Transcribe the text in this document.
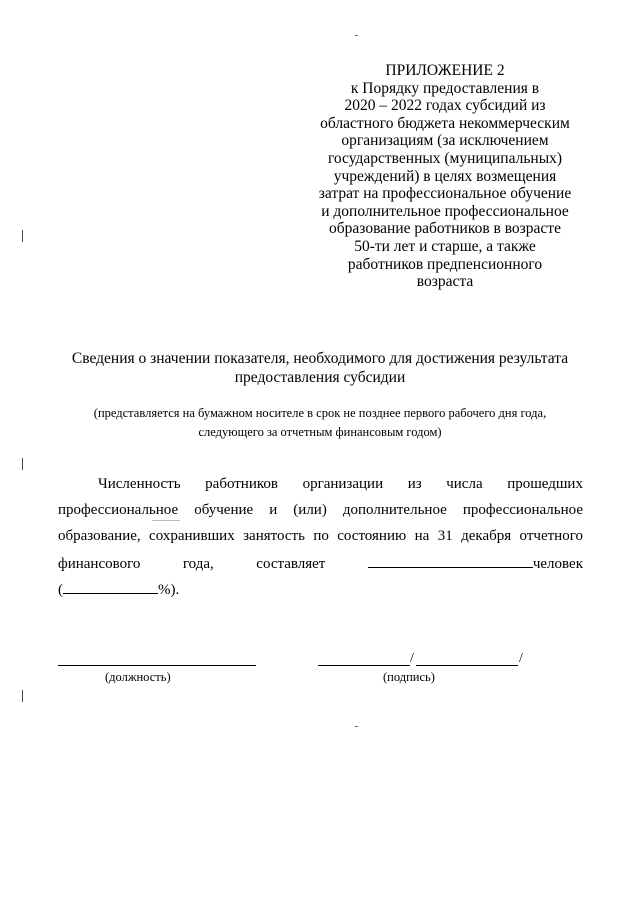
ПРИЛОЖЕНИЕ 2
к Порядку предоставления в
2020 – 2022 годах субсидий из
областного бюджета некоммерческим
организациям (за исключением
государственных (муниципальных)
учреждений) в целях возмещения
затрат на профессиональное обучение
и дополнительное профессиональное
образование работников в возрасте
50-ти лет и старше, а также
работников предпенсионного
возраста
Сведения о значении показателя, необходимого для достижения результата
предоставления субсидии
(представляется на бумажном носителе в срок не позднее первого рабочего дня года,
следующего за отчетным финансовым годом)
Численность работников организации из числа прошедших
профессиональное обучение и (или) дополнительное профессиональное
образование, сохранивших занятость по состоянию на 31 декабря отчетного
финансового	года,	составляет	человек
(	%).
/	/
(должность)	(подпись)
